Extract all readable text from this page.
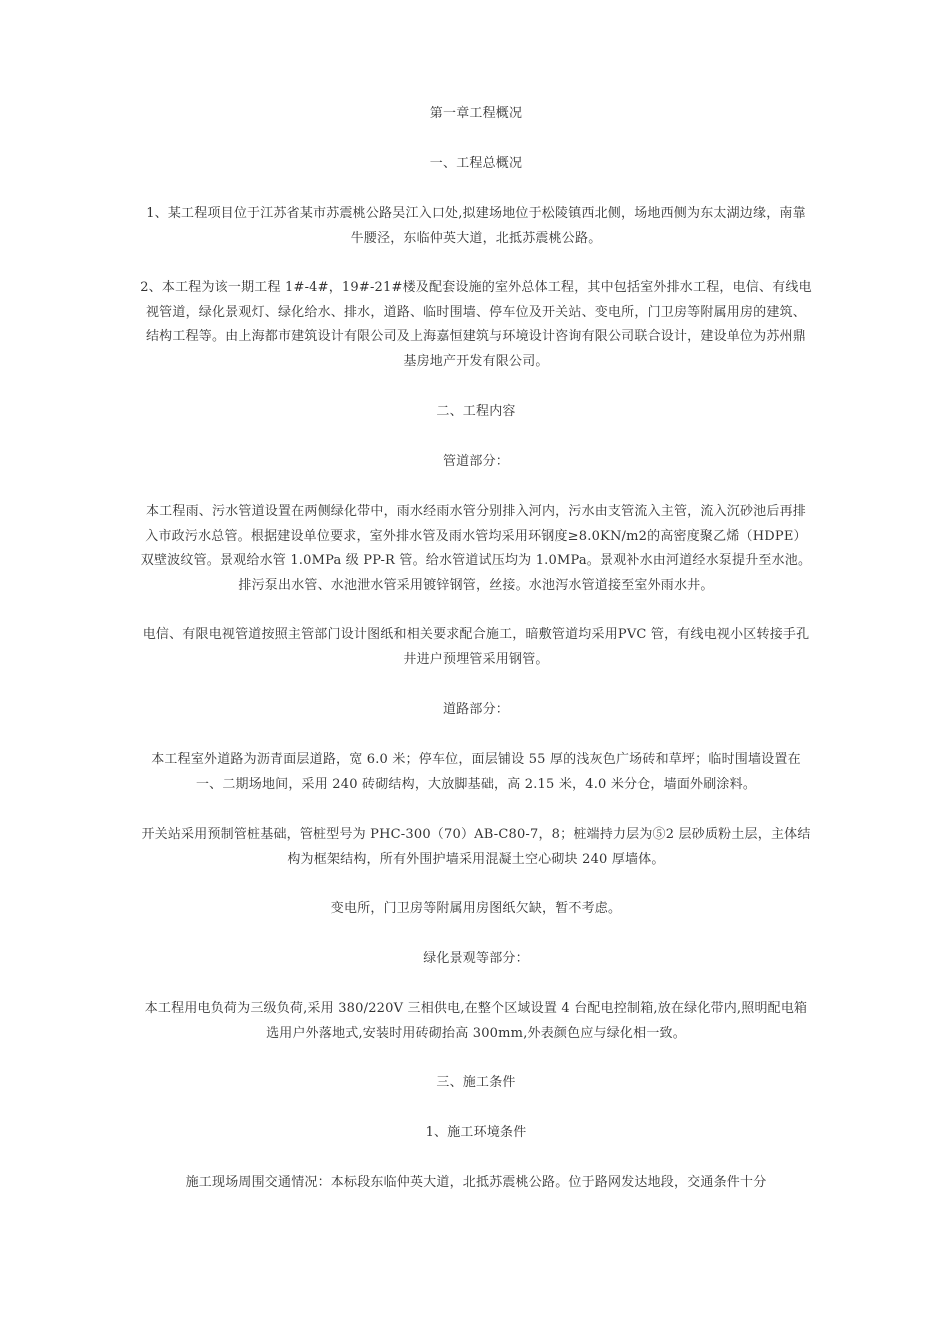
第一章工程概况

一、工程总概况

1、某工程项目位于江苏省某市苏震桃公路吴江入口处,拟建场地位于松陵镇西北侧，场地西侧为东太湖边缘，南靠牛腰泾，东临仲英大道，北抵苏震桃公路。

2、本工程为该一期工程 1#-4#，19#-21#楼及配套设施的室外总体工程，其中包括室外排水工程，电信、有线电视管道，绿化景观灯、绿化给水、排水，道路、临时围墙、停车位及开关站、变电所，门卫房等附属用房的建筑、结构工程等。由上海都市建筑设计有限公司及上海嘉恒建筑与环境设计咨询有限公司联合设计，建设单位为苏州鼎基房地产开发有限公司。

二、工程内容

管道部分：

本工程雨、污水管道设置在两侧绿化带中，雨水经雨水管分别排入河内，污水由支管流入主管，流入沉砂池后再排入市政污水总管。根据建设单位要求，室外排水管及雨水管均采用环钢度≥8.0KN/m2的高密度聚乙烯（HDPE）双壁波纹管。景观给水管 1.0MPa 级 PP-R 管。给水管道试压均为 1.0MPa。景观补水由河道经水泵提升至水池。排污泵出水管、水池泄水管采用镀锌钢管，丝接。水池泻水管道接至室外雨水井。

电信、有限电视管道按照主管部门设计图纸和相关要求配合施工，暗敷管道均采用PVC 管，有线电视小区转接手孔井进户预埋管采用钢管。

道路部分：

本工程室外道路为沥青面层道路，宽 6.0 米；停车位，面层铺设 55 厚的浅灰色广场砖和草坪；临时围墙设置在一、二期场地间，采用 240 砖砌结构，大放脚基础，高 2.15 米，4.0 米分仓，墙面外刷涂料。

开关站采用预制管桩基础，管桩型号为 PHC-300（70）AB-C80-7，8；桩端持力层为⑤2 层砂质粉土层，主体结构为框架结构，所有外围护墙采用混凝土空心砌块 240 厚墙体。

变电所，门卫房等附属用房图纸欠缺，暂不考虑。

绿化景观等部分：

本工程用电负荷为三级负荷,采用 380/220V 三相供电,在整个区域设置 4 台配电控制箱,放在绿化带内,照明配电箱选用户外落地式,安装时用砖砌抬高 300mm,外表颜色应与绿化相一致。

三、施工条件

1、施工环境条件

施工现场周围交通情况：本标段东临仲英大道，北抵苏震桃公路。位于路网发达地段，交通条件十分
